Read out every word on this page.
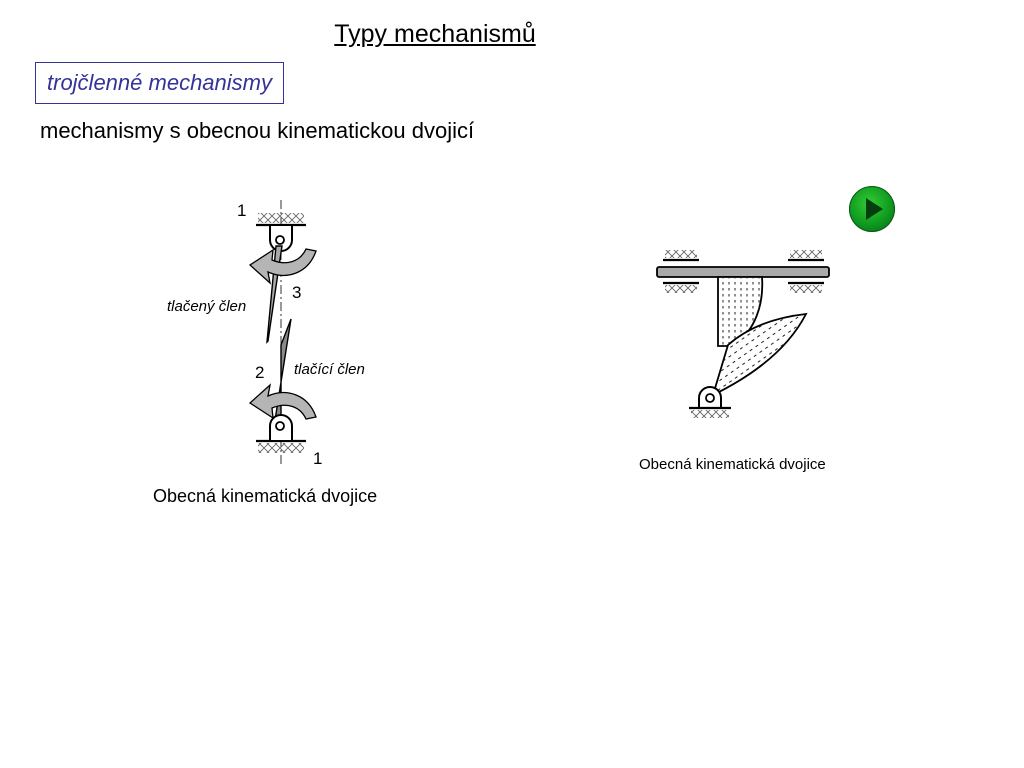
Typy mechanismů
trojčlenné mechanismy
mechanismy s obecnou kinematickou dvojicí
1
3
2
1
tlačený člen
tlačící člen
Obecná kinematická dvojice
Obecná kinematická dvojice
